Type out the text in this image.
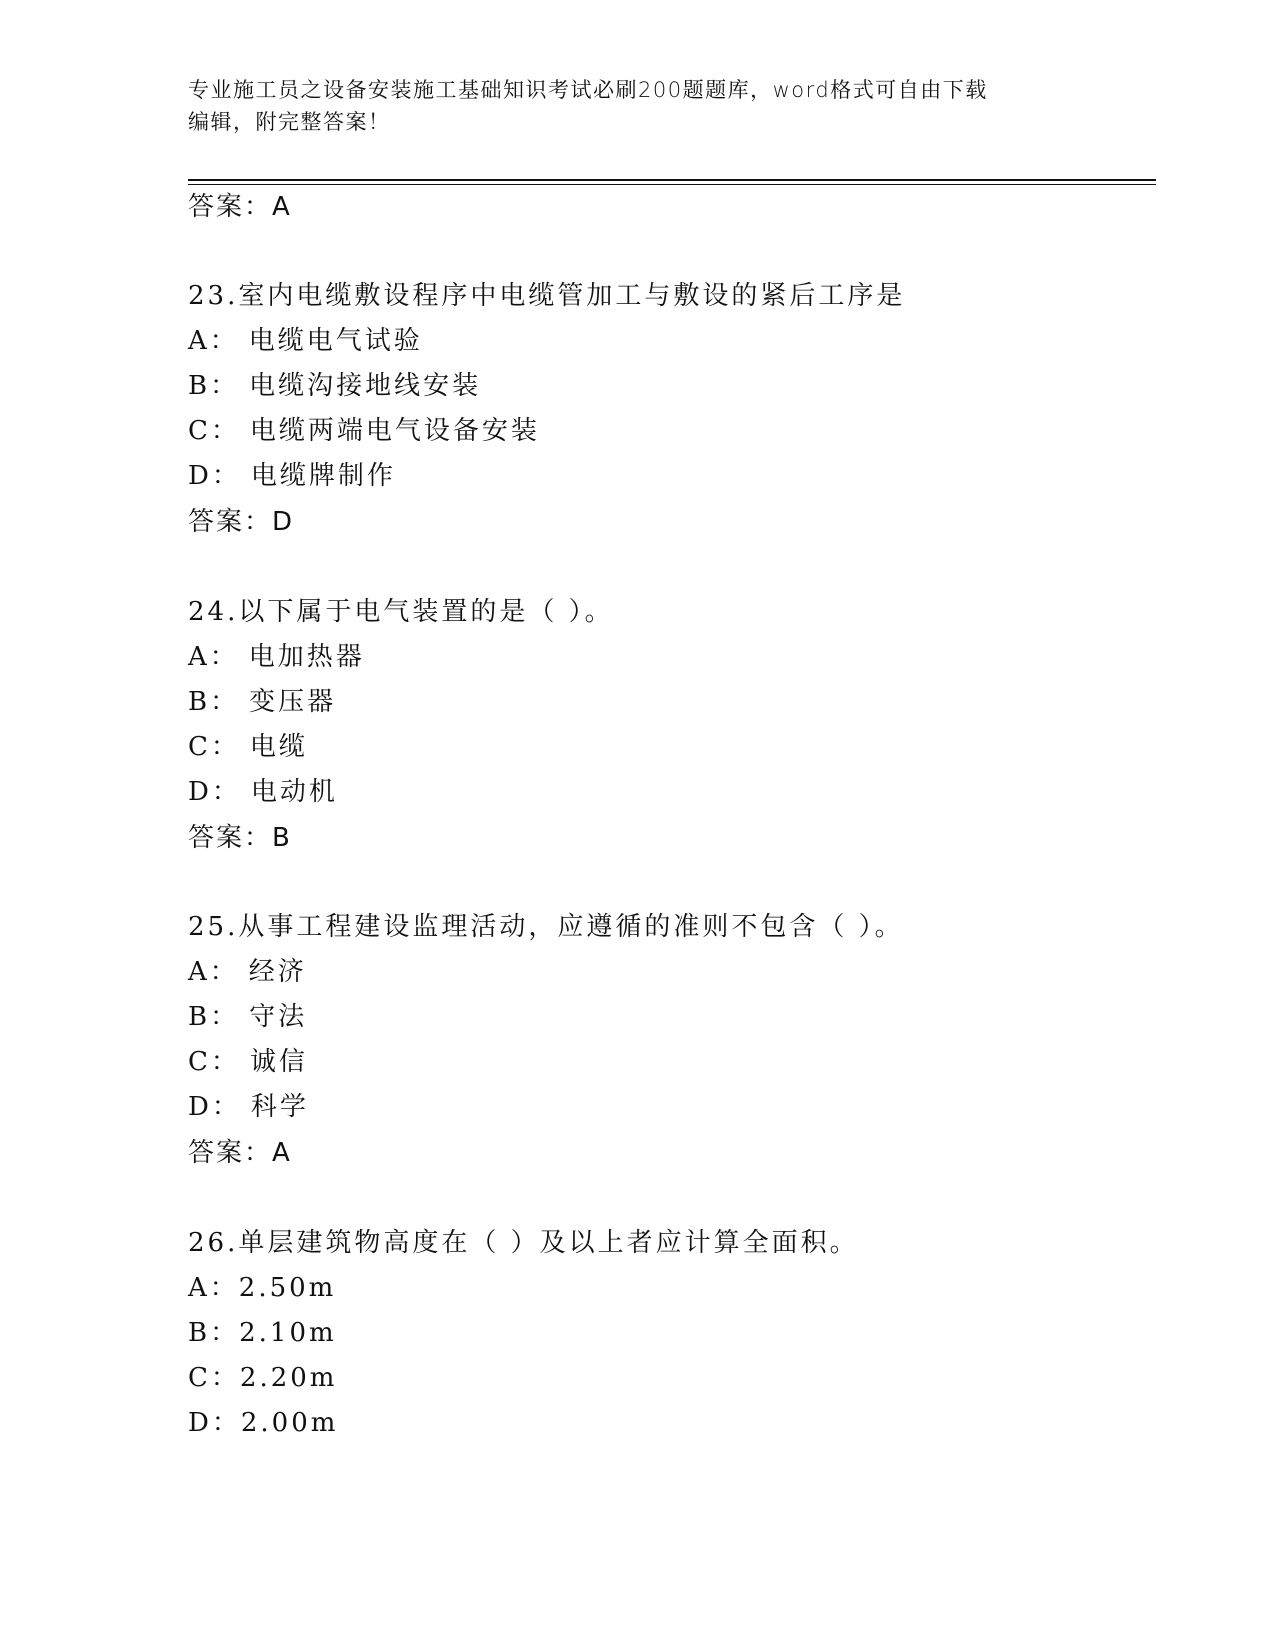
专业施工员之设备安装施工基础知识考试必刷200题题库，word格式可自由下载
编辑，附完整答案！
答案：A
23.室内电缆敷设程序中电缆管加工与敷设的紧后工序是
A： 电缆电气试验
B： 电缆沟接地线安装
C： 电缆两端电气设备安装
D： 电缆牌制作
答案：D
24.以下属于电气装置的是（ ）。
A： 电加热器
B： 变压器
C： 电缆
D： 电动机
答案：B
25.从事工程建设监理活动，应遵循的准则不包含（ ）。
A： 经济
B： 守法
C： 诚信
D： 科学
答案：A
26.单层建筑物高度在（ ）及以上者应计算全面积。
A：2.50m
B：2.10m
C：2.20m
D：2.00m
